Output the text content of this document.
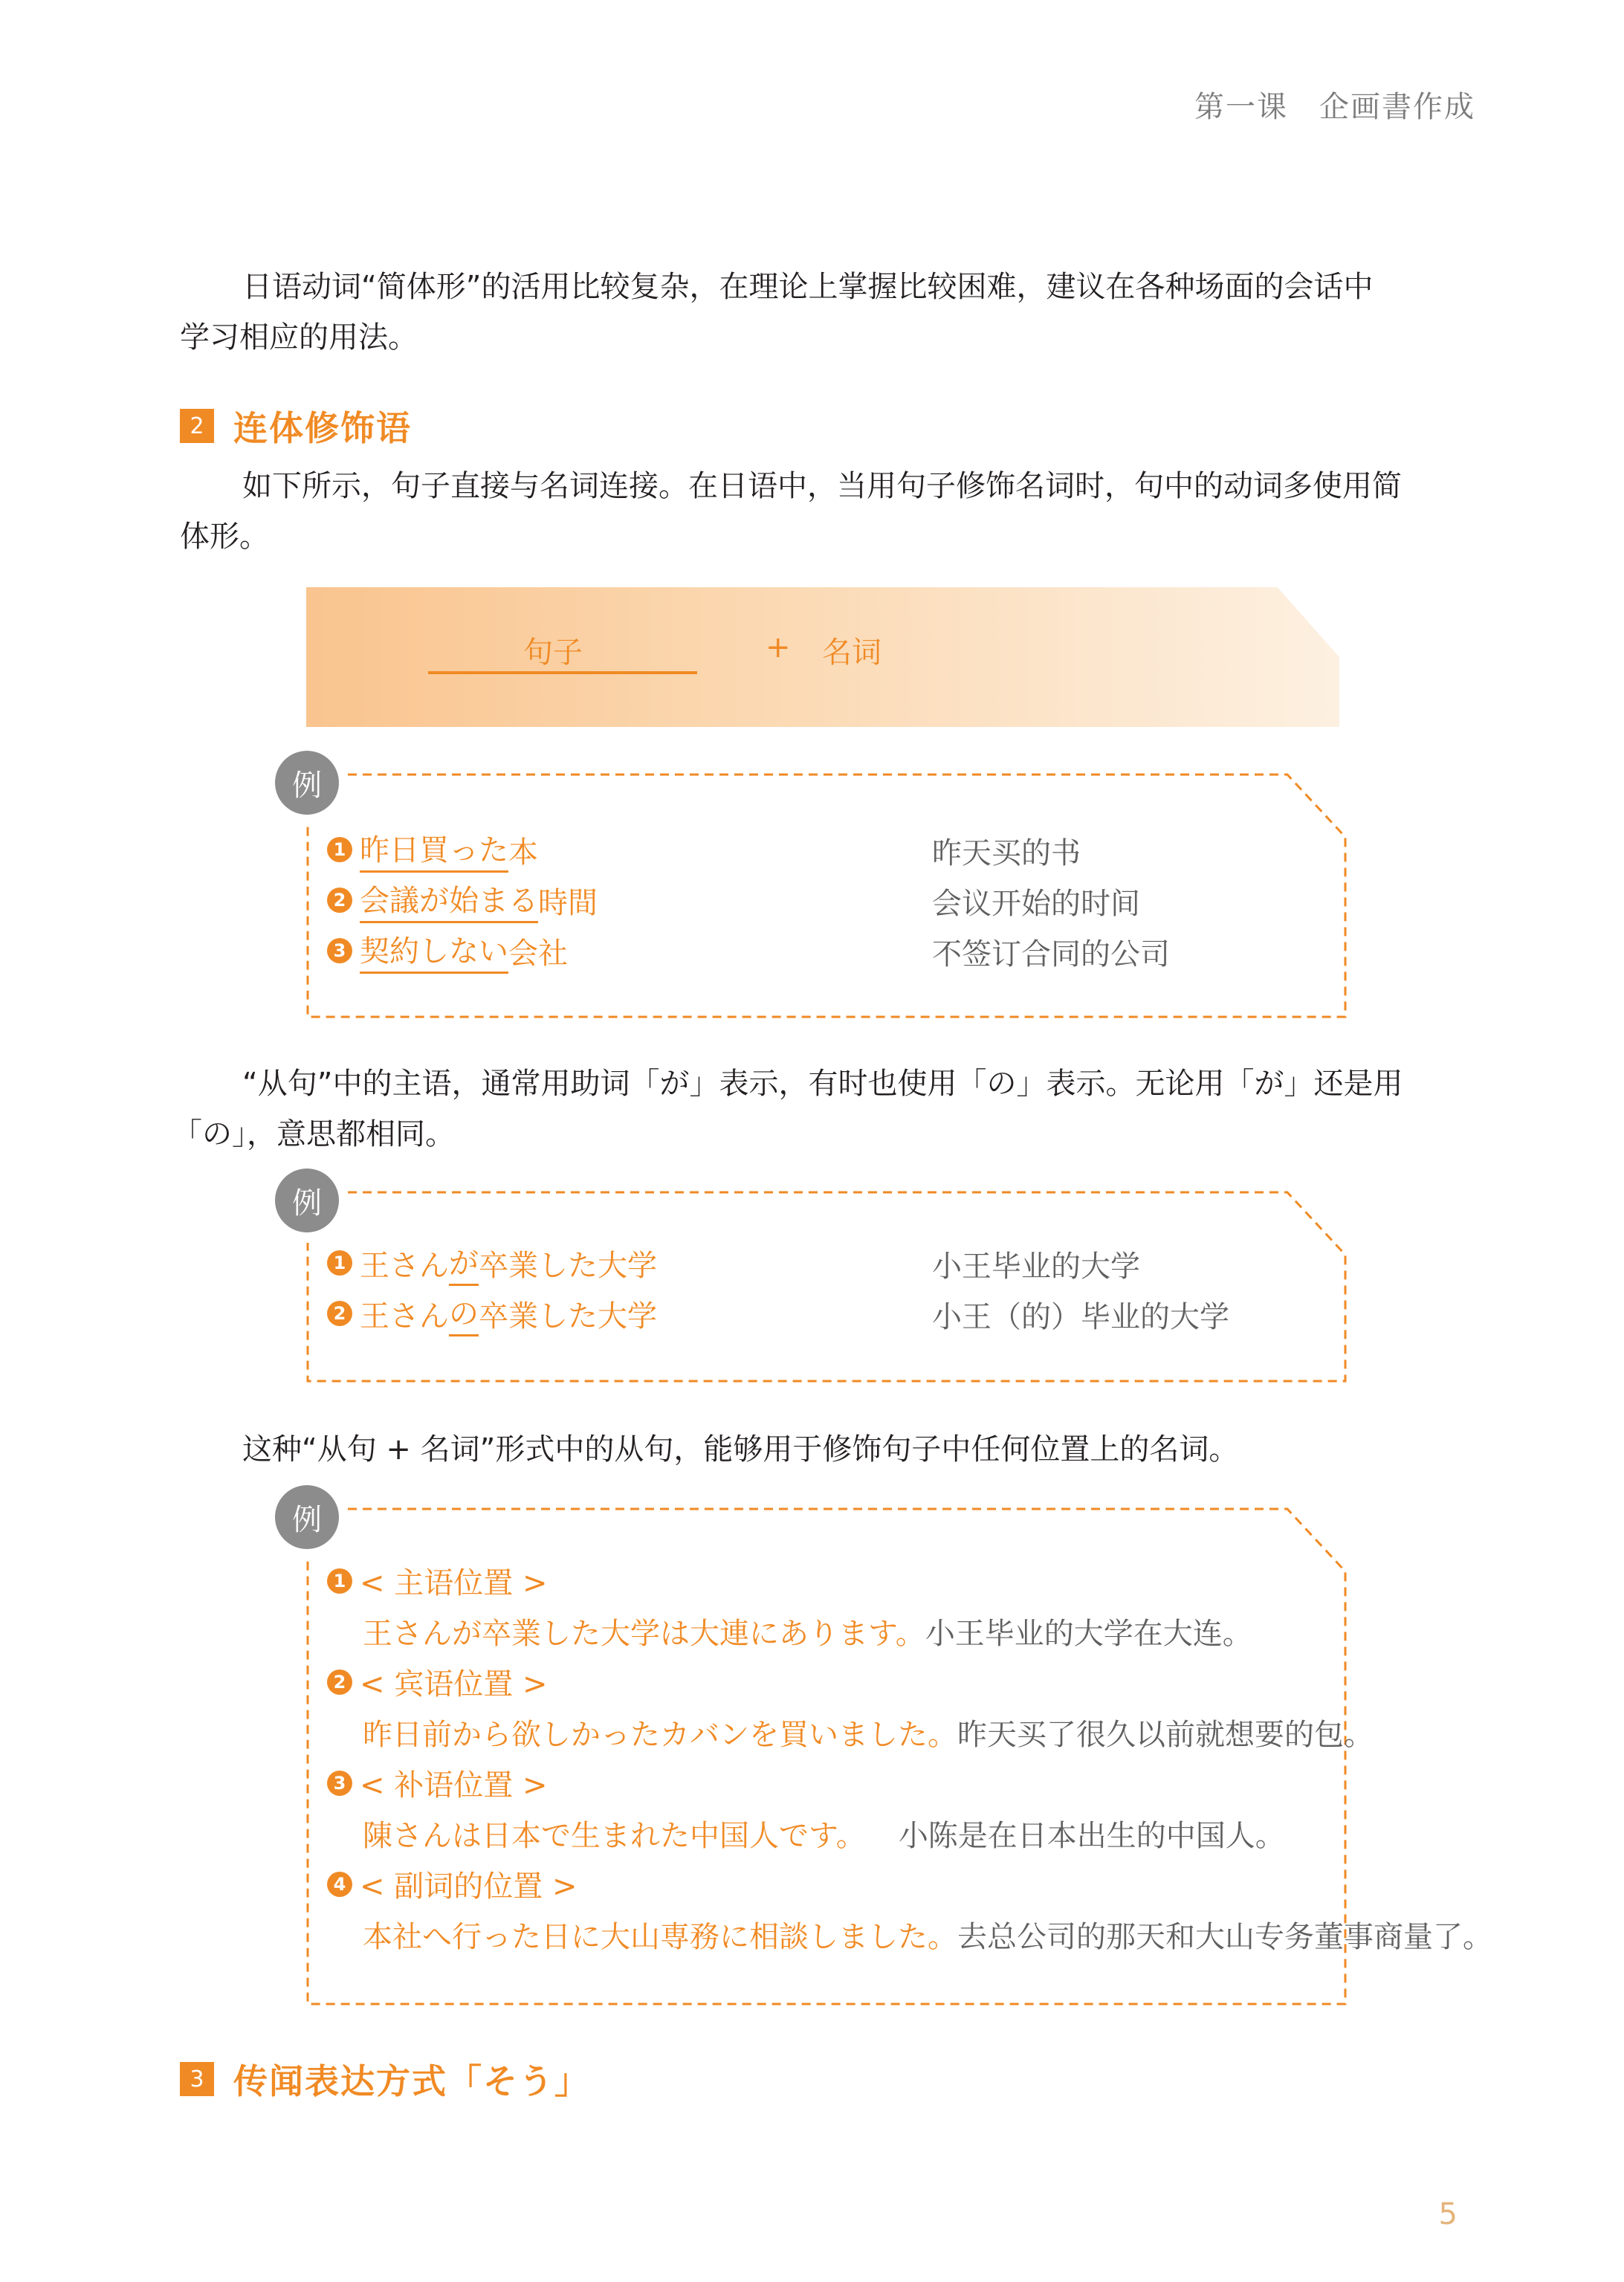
第一课　企画書作成
日语动词“简体形”的活用比较复杂，在理论上掌握比较困难，建议在各种场面的会话中
学习相应的用法。
2 连体修饰语
如下所示，句子直接与名词连接。在日语中，当用句子修饰名词时，句中的动词多使用简
体形。
句子	+ 名词
例
1 昨日買った 本	昨天买的书
2 会議が始まる 時間	会议开始的时间
3 契約しない 会社	不签订合同的公司
“从句”中的主语，通常用助词「が」表示，有时也使用「の」表示。无论用「が」还是用
「の」，意思都相同。
例
1 王さん が 卒業した大学	小王毕业的大学
2 王さん の 卒業した大学	小王（的）毕业的大学
这种“从句 + 名词”形式中的从句，能够用于修饰句子中任何位置上的名词。
例
1 < 主语位置 >
王さんが卒業した大学は大連にあります。小王毕业的大学在大连。
2 < 宾语位置 >
昨日前から欲しかったカバンを買いました。昨天买了很久以前就想要的包。
3 < 补语位置 >
陳さんは日本で生まれた中国人です。 小陈是在日本出生的中国人。
4 < 副词的位置 >
本社へ行った日に大山専務に相談しました。去总公司的那天和大山专务董事商量了。
3 传闻表达方式「そう」
5
